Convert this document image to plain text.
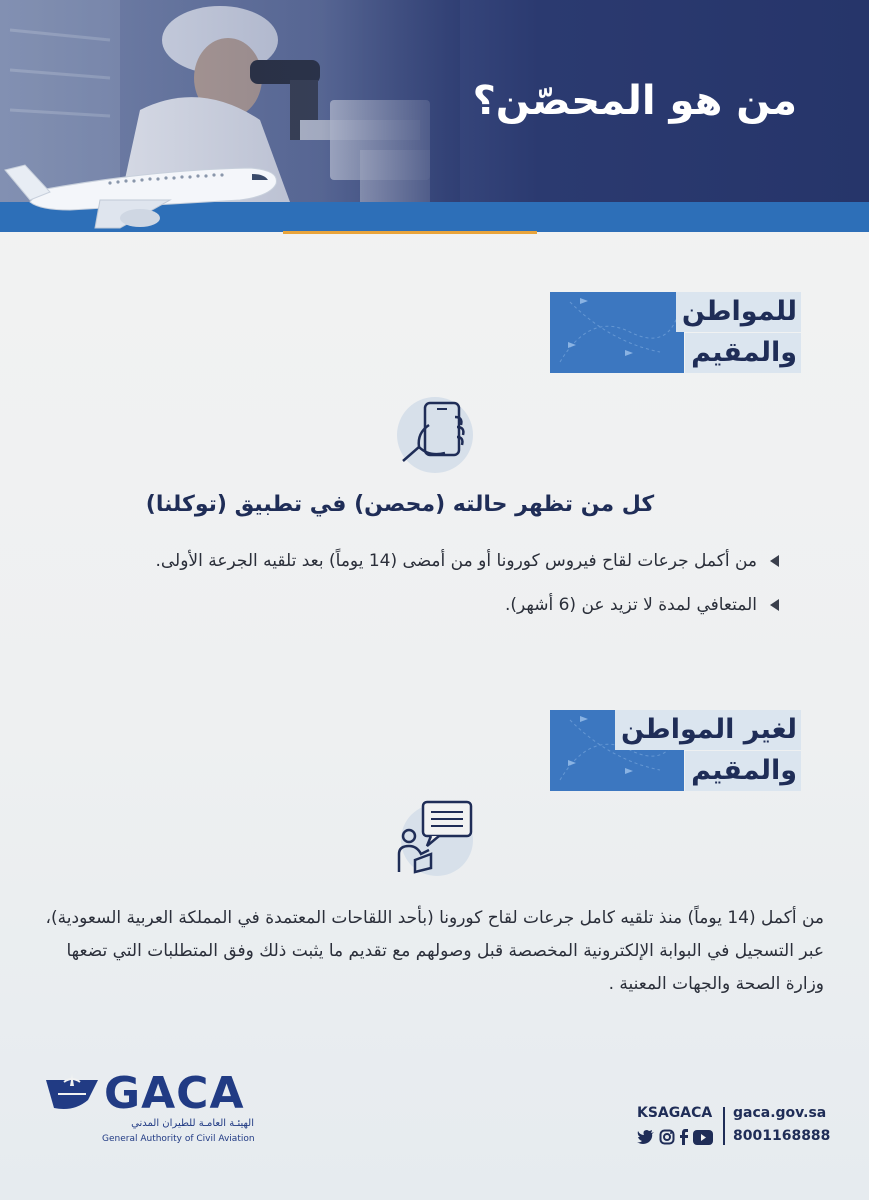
من هو المحصّن؟
للمواطن
والمقيم
كل من تظهر حالته (محصن) في تطبيق (توكلنا)
من أكمل جرعات لقاح فيروس كورونا أو من أمضى (14 يوماً) بعد تلقيه الجرعة الأولى.
المتعافي لمدة لا تزيد عن (6 أشهر).
لغير المواطن
والمقيم
من أكمل (14 يوماً) منذ تلقيه كامل جرعات لقاح كورونا (بأحد اللقاحات المعتمدة في المملكة العربية السعودية)، عبر التسجيل في البوابة الإلكترونية المخصصة قبل وصولهم مع تقديم ما يثبت ذلك وفق المتطلبات التي تضعها وزارة الصحة والجهات المعنية .
GACA
الهيئـة العامـة للطيران المدني
General Authority of Civil Aviation
KSAGACA gaca.gov.sa
8001168888
